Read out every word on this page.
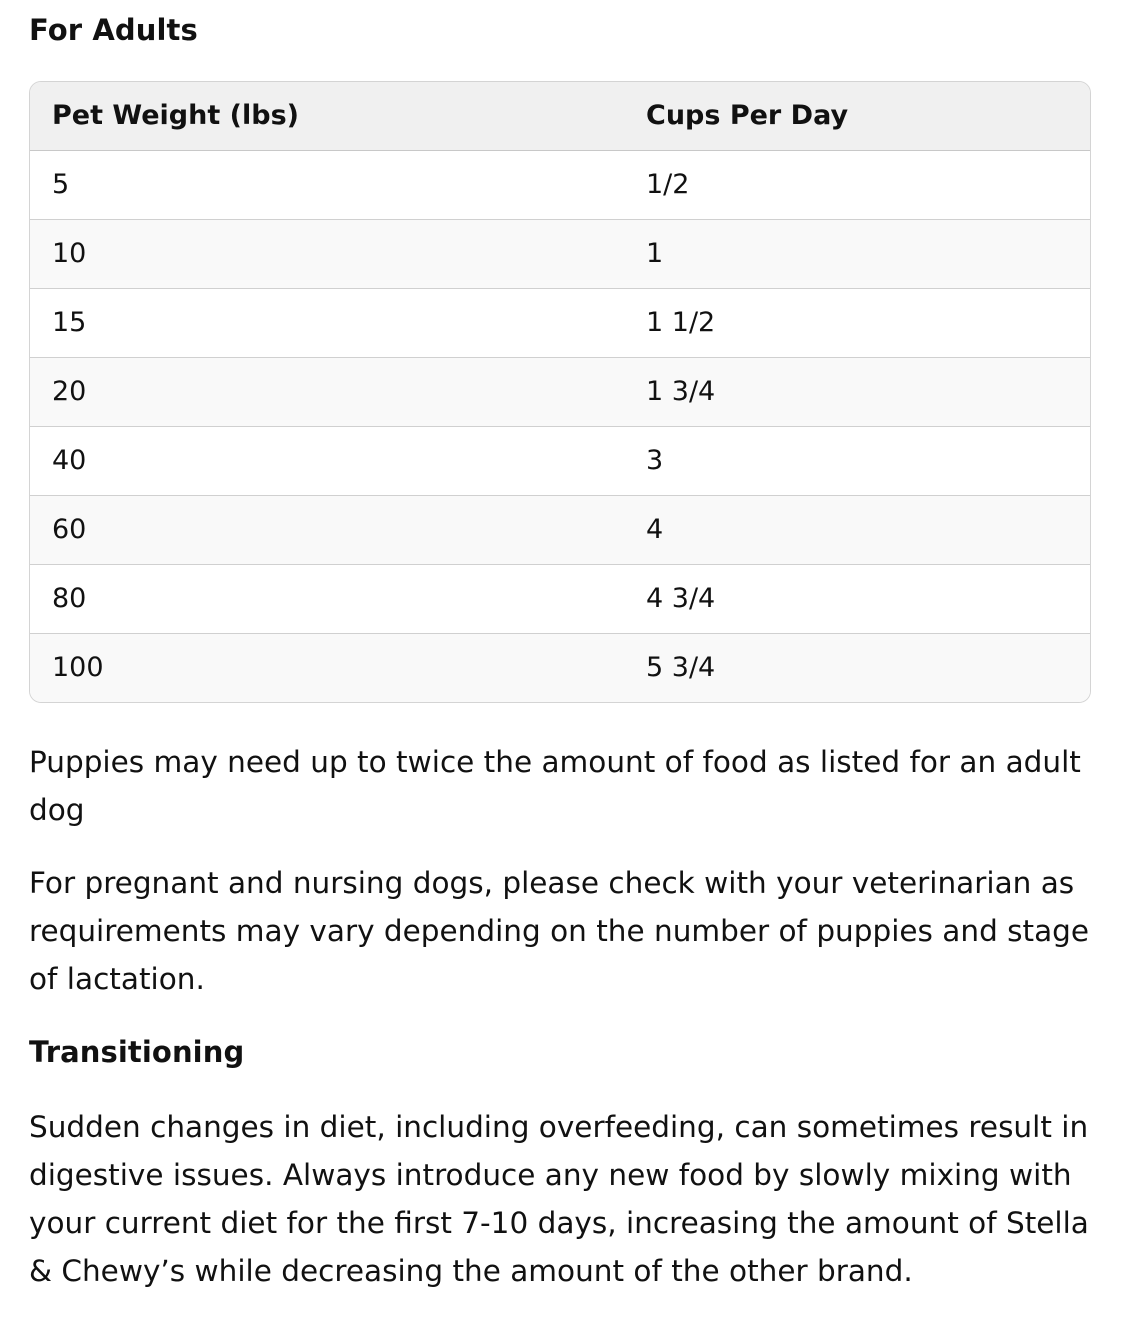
For Adults
Pet Weight (lbs)	Cups Per Day
5	1/2
10	1
15	1 1/2
20	1 3/4
40	3
60	4
80	4 3/4
100	5 3/4

Puppies may need up to twice the amount of food as listed for an adult dog

For pregnant and nursing dogs, please check with your veterinarian as requirements may vary depending on the number of puppies and stage of lactation.

Transitioning

Sudden changes in diet, including overfeeding, can sometimes result in digestive issues. Always introduce any new food by slowly mixing with your current diet for the first 7-10 days, increasing the amount of Stella & Chewy’s while decreasing the amount of the other brand.
